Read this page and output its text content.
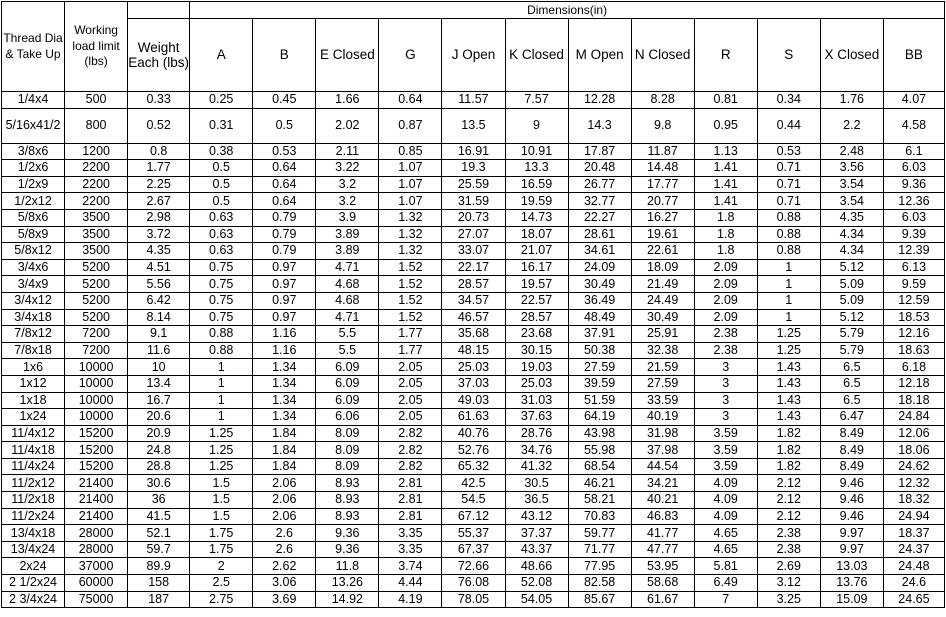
Thread Dia & Take Up	Working load limit (lbs)		Dimensions(in)											
		Weight Each (lbs)	A	B	E Closed	G	J Open	K Closed	M Open	N Closed	R	S	X Closed	BB
1/4x4	500	0.33	0.25	0.45	1.66	0.64	11.57	7.57	12.28	8.28	0.81	0.34	1.76	4.07
5/16x41/2	800	0.52	0.31	0.5	2.02	0.87	13.5	9	14.3	9.8	0.95	0.44	2.2	4.58
3/8x6	1200	0.8	0.38	0.53	2.11	0.85	16.91	10.91	17.87	11.87	1.13	0.53	2.48	6.1
1/2x6	2200	1.77	0.5	0.64	3.22	1.07	19.3	13.3	20.48	14.48	1.41	0.71	3.56	6.03
1/2x9	2200	2.25	0.5	0.64	3.2	1.07	25.59	16.59	26.77	17.77	1.41	0.71	3.54	9.36
1/2x12	2200	2.67	0.5	0.64	3.2	1.07	31.59	19.59	32.77	20.77	1.41	0.71	3.54	12.36
5/8x6	3500	2.98	0.63	0.79	3.9	1.32	20.73	14.73	22.27	16.27	1.8	0.88	4.35	6.03
5/8x9	3500	3.72	0.63	0.79	3.89	1.32	27.07	18.07	28.61	19.61	1.8	0.88	4.34	9.39
5/8x12	3500	4.35	0.63	0.79	3.89	1.32	33.07	21.07	34.61	22.61	1.8	0.88	4.34	12.39
3/4x6	5200	4.51	0.75	0.97	4.71	1.52	22.17	16.17	24.09	18.09	2.09	1	5.12	6.13
3/4x9	5200	5.56	0.75	0.97	4.68	1.52	28.57	19.57	30.49	21.49	2.09	1	5.09	9.59
3/4x12	5200	6.42	0.75	0.97	4.68	1.52	34.57	22.57	36.49	24.49	2.09	1	5.09	12.59
3/4x18	5200	8.14	0.75	0.97	4.71	1.52	46.57	28.57	48.49	30.49	2.09	1	5.12	18.53
7/8x12	7200	9.1	0.88	1.16	5.5	1.77	35.68	23.68	37.91	25.91	2.38	1.25	5.79	12.16
7/8x18	7200	11.6	0.88	1.16	5.5	1.77	48.15	30.15	50.38	32.38	2.38	1.25	5.79	18.63
1x6	10000	10	1	1.34	6.09	2.05	25.03	19.03	27.59	21.59	3	1.43	6.5	6.18
1x12	10000	13.4	1	1.34	6.09	2.05	37.03	25.03	39.59	27.59	3	1.43	6.5	12.18
1x18	10000	16.7	1	1.34	6.09	2.05	49.03	31.03	51.59	33.59	3	1.43	6.5	18.18
1x24	10000	20.6	1	1.34	6.06	2.05	61.63	37.63	64.19	40.19	3	1.43	6.47	24.84
11/4x12	15200	20.9	1.25	1.84	8.09	2.82	40.76	28.76	43.98	31.98	3.59	1.82	8.49	12.06
11/4x18	15200	24.8	1.25	1.84	8.09	2.82	52.76	34.76	55.98	37.98	3.59	1.82	8.49	18.06
11/4x24	15200	28.8	1.25	1.84	8.09	2.82	65.32	41.32	68.54	44.54	3.59	1.82	8.49	24.62
11/2x12	21400	30.6	1.5	2.06	8.93	2.81	42.5	30.5	46.21	34.21	4.09	2.12	9.46	12.32
11/2x18	21400	36	1.5	2.06	8.93	2.81	54.5	36.5	58.21	40.21	4.09	2.12	9.46	18.32
11/2x24	21400	41.5	1.5	2.06	8.93	2.81	67.12	43.12	70.83	46.83	4.09	2.12	9.46	24.94
13/4x18	28000	52.1	1.75	2.6	9.36	3.35	55.37	37.37	59.77	41.77	4.65	2.38	9.97	18.37
13/4x24	28000	59.7	1.75	2.6	9.36	3.35	67.37	43.37	71.77	47.77	4.65	2.38	9.97	24.37
2x24	37000	89.9	2	2.62	11.8	3.74	72.66	48.66	77.95	53.95	5.81	2.69	13.03	24.48
2 1/2x24	60000	158	2.5	3.06	13.26	4.44	76.08	52.08	82.58	58.68	6.49	3.12	13.76	24.6
2 3/4x24	75000	187	2.75	3.69	14.92	4.19	78.05	54.05	85.67	61.67	7	3.25	15.09	24.65
